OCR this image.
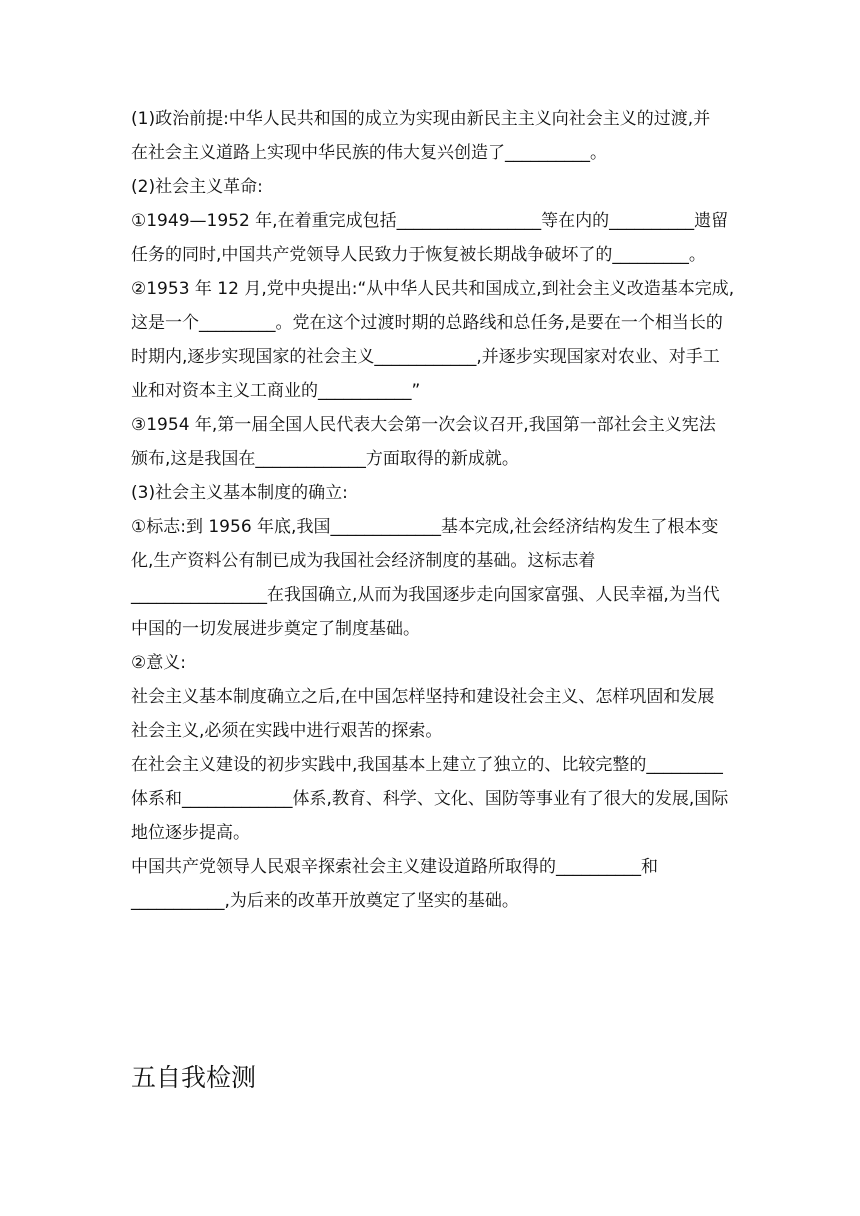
(1)政治前提:中华人民共和国的成立为实现由新民主主义向社会主义的过渡,并
在社会主义道路上实现中华民族的伟大复兴创造了__________。
(2)社会主义革命:
①1949—1952 年,在着重完成包括_________________等在内的__________遗留
任务的同时,中国共产党领导人民致力于恢复被长期战争破坏了的_________。
②1953 年 12 月,党中央提出:“从中华人民共和国成立,到社会主义改造基本完成,
这是一个_________。党在这个过渡时期的总路线和总任务,是要在一个相当长的
时期内,逐步实现国家的社会主义____________,并逐步实现国家对农业、对手工
业和对资本主义工商业的___________”
③1954 年,第一届全国人民代表大会第一次会议召开,我国第一部社会主义宪法
颁布,这是我国在_____________方面取得的新成就。
(3)社会主义基本制度的确立:
①标志:到 1956 年底,我国_____________基本完成,社会经济结构发生了根本变
化,生产资料公有制已成为我国社会经济制度的基础。这标志着
________________在我国确立,从而为我国逐步走向国家富强、人民幸福,为当代
中国的一切发展进步奠定了制度基础。
②意义:
社会主义基本制度确立之后,在中国怎样坚持和建设社会主义、怎样巩固和发展
社会主义,必须在实践中进行艰苦的探索。
在社会主义建设的初步实践中,我国基本上建立了独立的、比较完整的_________
体系和_____________体系,教育、科学、文化、国防等事业有了很大的发展,国际
地位逐步提高。
中国共产党领导人民艰辛探索社会主义建设道路所取得的__________和
___________,为后来的改革开放奠定了坚实的基础。
五自我检测
